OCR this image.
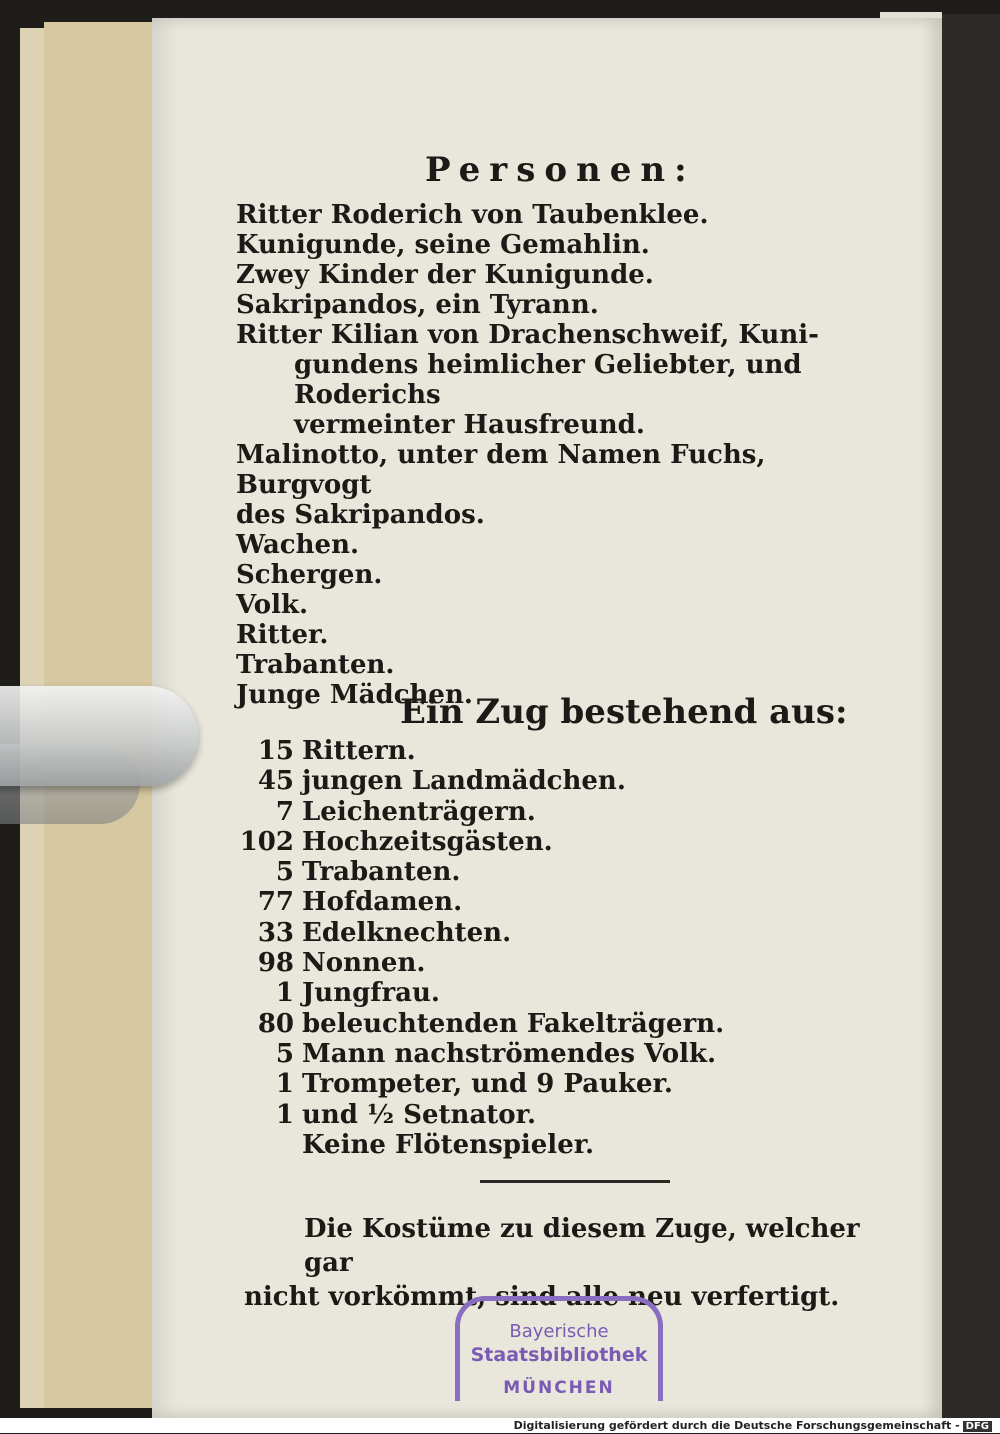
Personen:
Ritter Roderich von Taubenklee.
Kunigunde, seine Gemahlin.
Zwey Kinder der Kunigunde.
Sakripandos, ein Tyrann.
Ritter Kilian von Drachenschweif, Kuni-
gundens heimlicher Geliebter, und Roderichs
vermeinter Hausfreund.
Malinotto, unter dem Namen Fuchs, Burgvogt
des Sakripandos.
Wachen.
Schergen.
Volk.
Ritter.
Trabanten.
Junge Mädchen.
Ein Zug bestehend aus:
15 Rittern.
45 jungen Landmädchen.
7 Leichenträgern.
102 Hochzeitsgästen.
5 Trabanten.
77 Hofdamen.
33 Edelknechten.
98 Nonnen.
1 Jungfrau.
80 beleuchtenden Fakelträgern.
5 Mann nachströmendes Volk.
1 Trompeter, und 9 Pauker.
1 und ½ Setnator.
Keine Flötenspieler.
Die Kostüme zu diesem Zuge, welcher gar
nicht vorkömmt, sind alle neu verfertigt.
Bayerische
Staatsbibliothek
MÜNCHEN
Digitalisierung gefördert durch die Deutsche Forschungsgemeinschaft - DFG
